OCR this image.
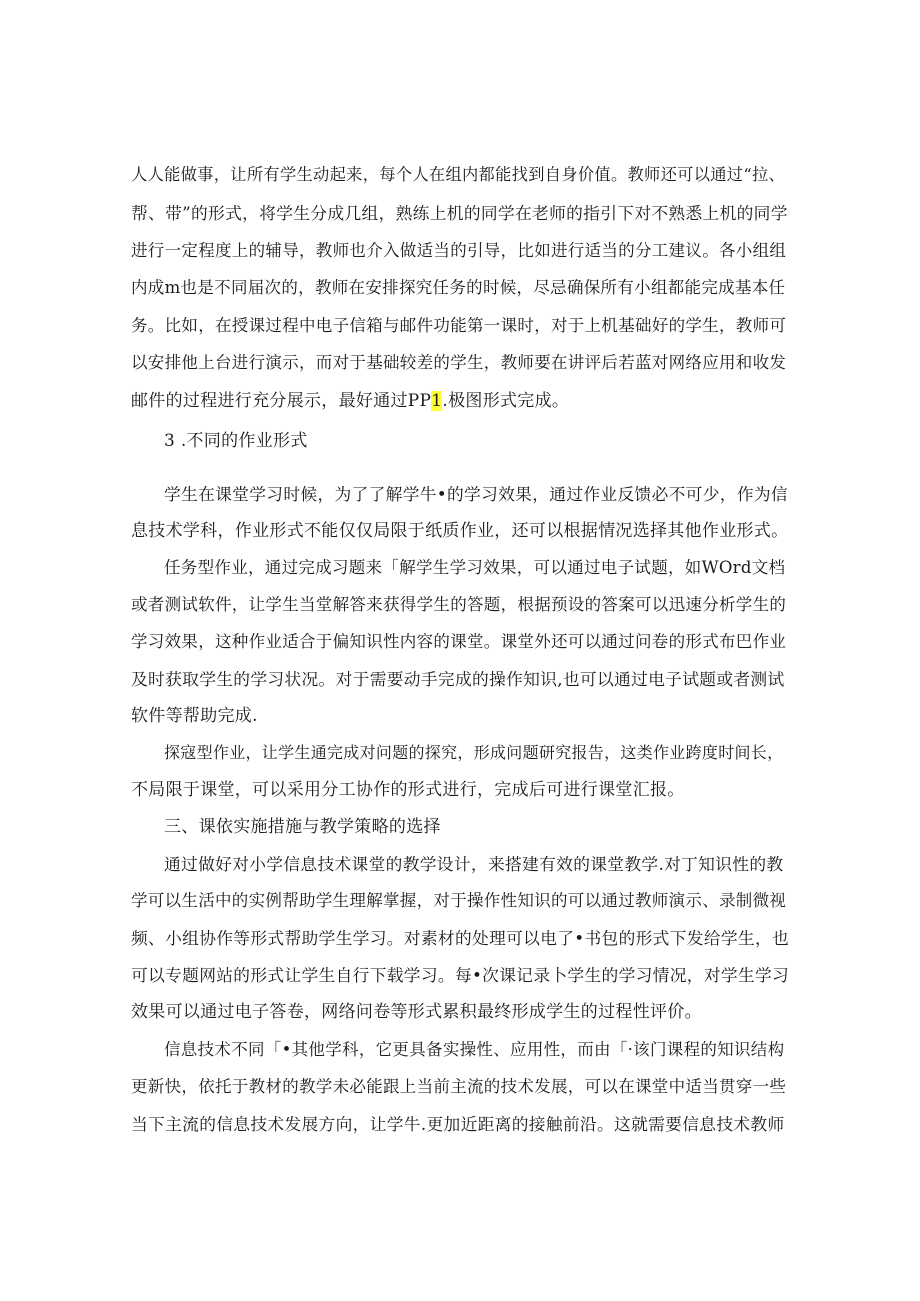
人人能做事，让所有学生动起来，每个人在组内都能找到自身价值。教师还可以通过“拉、
帮、带”的形式，将学生分成几组，熟练上机的同学在老师的指引下对不熟悉上机的同学
进行一定程度上的辅导，教师也介入做适当的引导，比如进行适当的分工建议。各小组组
内成m也是不同届次的，教师在安排探究任务的时候，尽忌确保所有小组都能完成基本任
务。比如，在授课过程中电子信箱与邮件功能第一课时，对于上机基础好的学生，教师可
以安排他上台进行演示，而对于基础较差的学生，教师要在讲评后若蓝对网络应用和收发
邮件的过程进行充分展示，最好通过PP1.极图形式完成。
3 .不同的作业形式
学生在课堂学习时候，为了了解学牛•的学习效果，通过作业反馈必不可少，作为信
息技术学科，作业形式不能仅仅局限于纸质作业，还可以根据情况选择其他作业形式。
任务型作业，通过完成习题来「解学生学习效果，可以通过电子试题，如WOrd文档
或者测试软件，让学生当堂解答来获得学生的答题，根据预设的答案可以迅速分析学生的
学习效果，这种作业适合于偏知识性内容的课堂。课堂外还可以通过问卷的形式布巴作业
及时获取学生的学习状况。对于需要动手完成的操作知识,也可以通过电子试题或者测试
软件等帮助完成.
探寇型作业，让学生通完成对问题的探究，形成问题研究报告，这类作业跨度时间长，
不局限于课堂，可以采用分工协作的形式进行，完成后可进行课堂汇报。
三、课依实施措施与教学策略的选择
通过做好对小学信息技术课堂的教学设计，来搭建有效的课堂教学.对丁知识性的教
学可以生活中的实例帮助学生理解掌握，对于操作性知识的可以通过教师演示、录制微视
频、小组协作等形式帮助学生学习。对素材的处理可以电了•书包的形式下发给学生，也
可以专题网站的形式让学生自行下载学习。每•次课记录卜学生的学习情况，对学生学习
效果可以通过电子答卷，网络问卷等形式累积最终形成学生的过程性评价。
信息技术不同「•其他学科，它更具备实操性、应用性，而由「·该门课程的知识结构
更新快，依托于教材的教学未必能跟上当前主流的技术发展，可以在课堂中适当贯穿一些
当下主流的信息技术发展方向，让学牛.更加近距离的接触前沿。这就需要信息技术教师
